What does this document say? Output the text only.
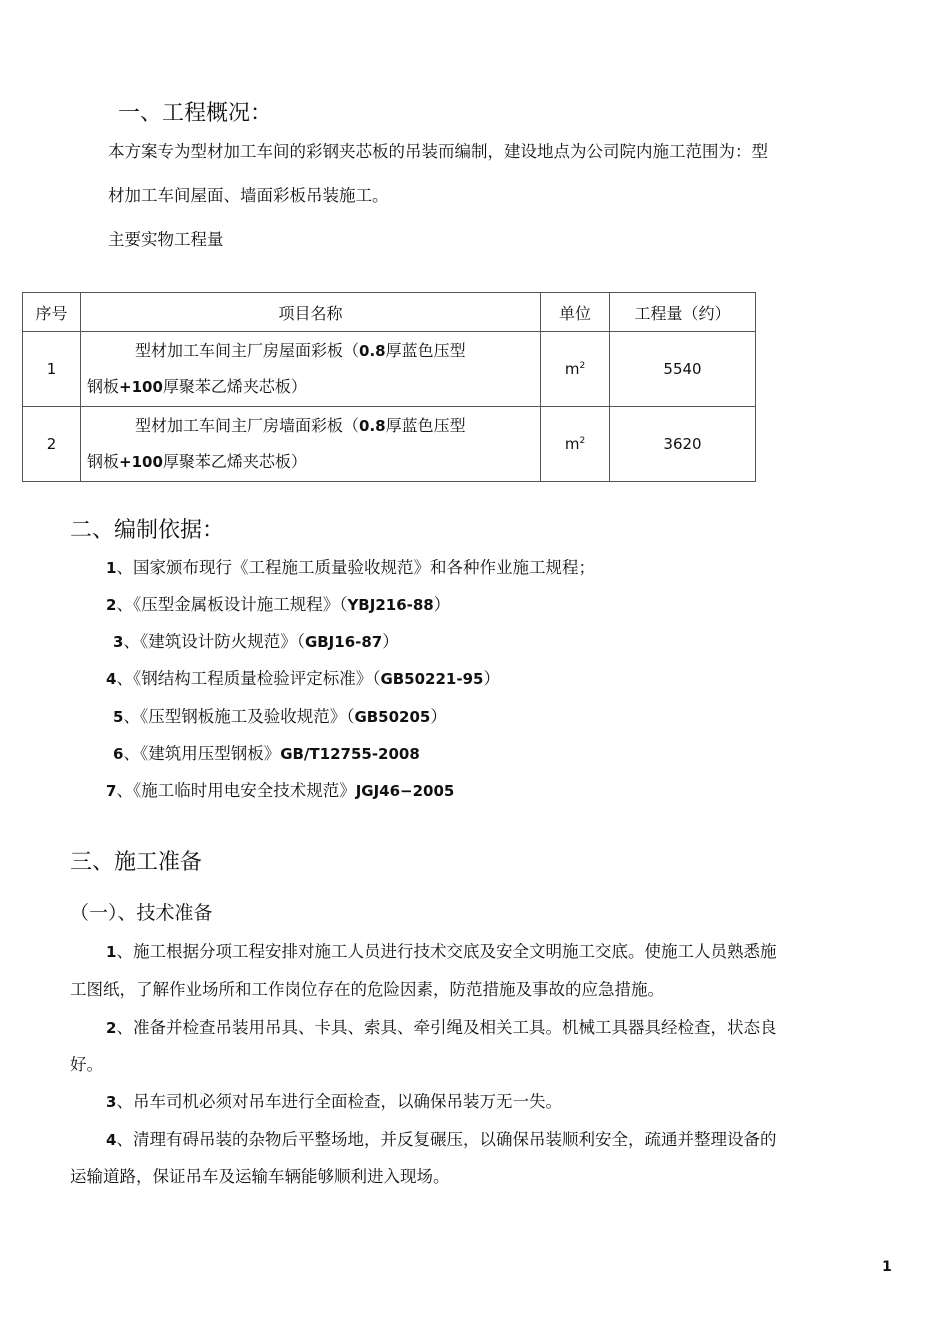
一、工程概况：
本方案专为型材加工车间的彩钢夹芯板的吊装而编制，建设地点为公司院内施工范围为：型
材加工车间屋面、墙面彩板吊装施工。
主要实物工程量
序号	项目名称	单位	工程量（约）
1	型材加工车间主厂房屋面彩板（0.8厚蓝色压型
钢板+100厚聚苯乙烯夹芯板）	$m^2$	5540
2	型材加工车间主厂房墙面彩板（0.8厚蓝色压型
钢板+100厚聚苯乙烯夹芯板）	$m^2$	3620
二、编制依据：
1、国家颁布现行《工程施工质量验收规范》和各种作业施工规程；
2、《压型金属板设计施工规程》（YBJ216-88）
3、《建筑设计防火规范》（GBJ16-87）
4、《钢结构工程质量检验评定标准》（GB50221-95）
5、《压型钢板施工及验收规范》（GB50205）
6、《建筑用压型钢板》GB/T12755-2008
7、《施工临时用电安全技术规范》JGJ46−2005
三、施工准备
（一）、技术准备
1、施工根据分项工程安排对施工人员进行技术交底及安全文明施工交底。使施工人员熟悉施
工图纸，了解作业场所和工作岗位存在的危险因素，防范措施及事故的应急措施。
2、准备并检查吊装用吊具、卡具、索具、牵引绳及相关工具。机械工具器具经检查，状态良
好。
3、吊车司机必须对吊车进行全面检查，以确保吊装万无一失。
4、清理有碍吊装的杂物后平整场地，并反复碾压，以确保吊装顺利安全，疏通并整理设备的
运输道路，保证吊车及运输车辆能够顺利进入现场。
1
